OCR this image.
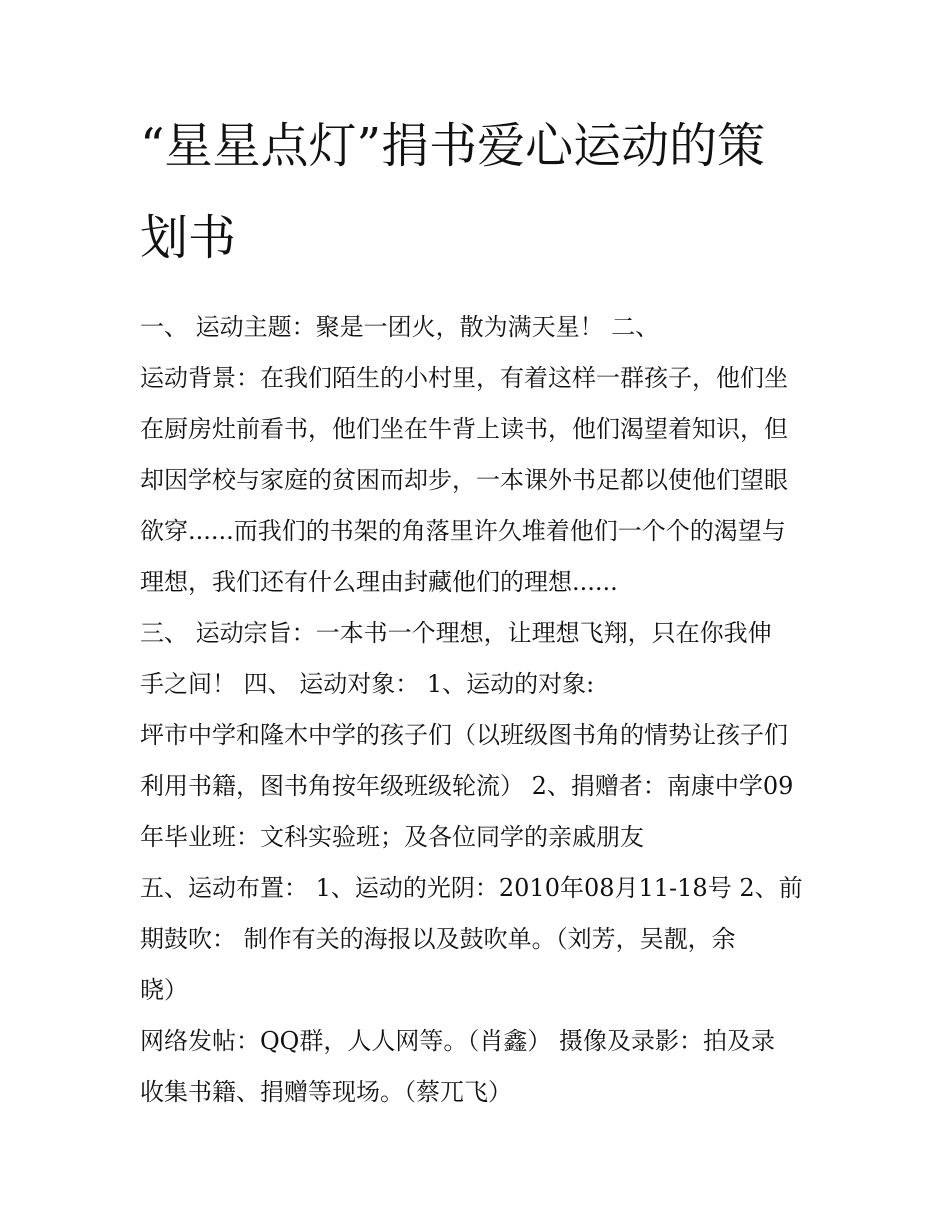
“星星点灯”捐书爱心运动的策
划书
一、 运动主题：聚是一团火，散为满天星！ 二、
运动背景：在我们陌生的小村里，有着这样一群孩子，他们坐
在厨房灶前看书，他们坐在牛背上读书，他们渴望着知识，但
却因学校与家庭的贫困而却步，一本课外书足都以使他们望眼
欲穿......而我们的书架的角落里许久堆着他们一个个的渴望与
理想，我们还有什么理由封藏他们的理想......
三、 运动宗旨：一本书一个理想，让理想飞翔，只在你我伸
手之间！ 四、 运动对象： 1、运动的对象:
坪市中学和隆木中学的孩子们（以班级图书角的情势让孩子们
利用书籍，图书角按年级班级轮流） 2、捐赠者：南康中学09
年毕业班：文科实验班；及各位同学的亲戚朋友
五、运动布置： 1、运动的光阴：2010年08月11-18号 2、前
期鼓吹： 制作有关的海报以及鼓吹单。（刘芳，吴靓，余
晓）
网络发帖：QQ群，人人网等。（肖鑫） 摄像及录影：拍及录
收集书籍、捐赠等现场。（蔡兀飞）
